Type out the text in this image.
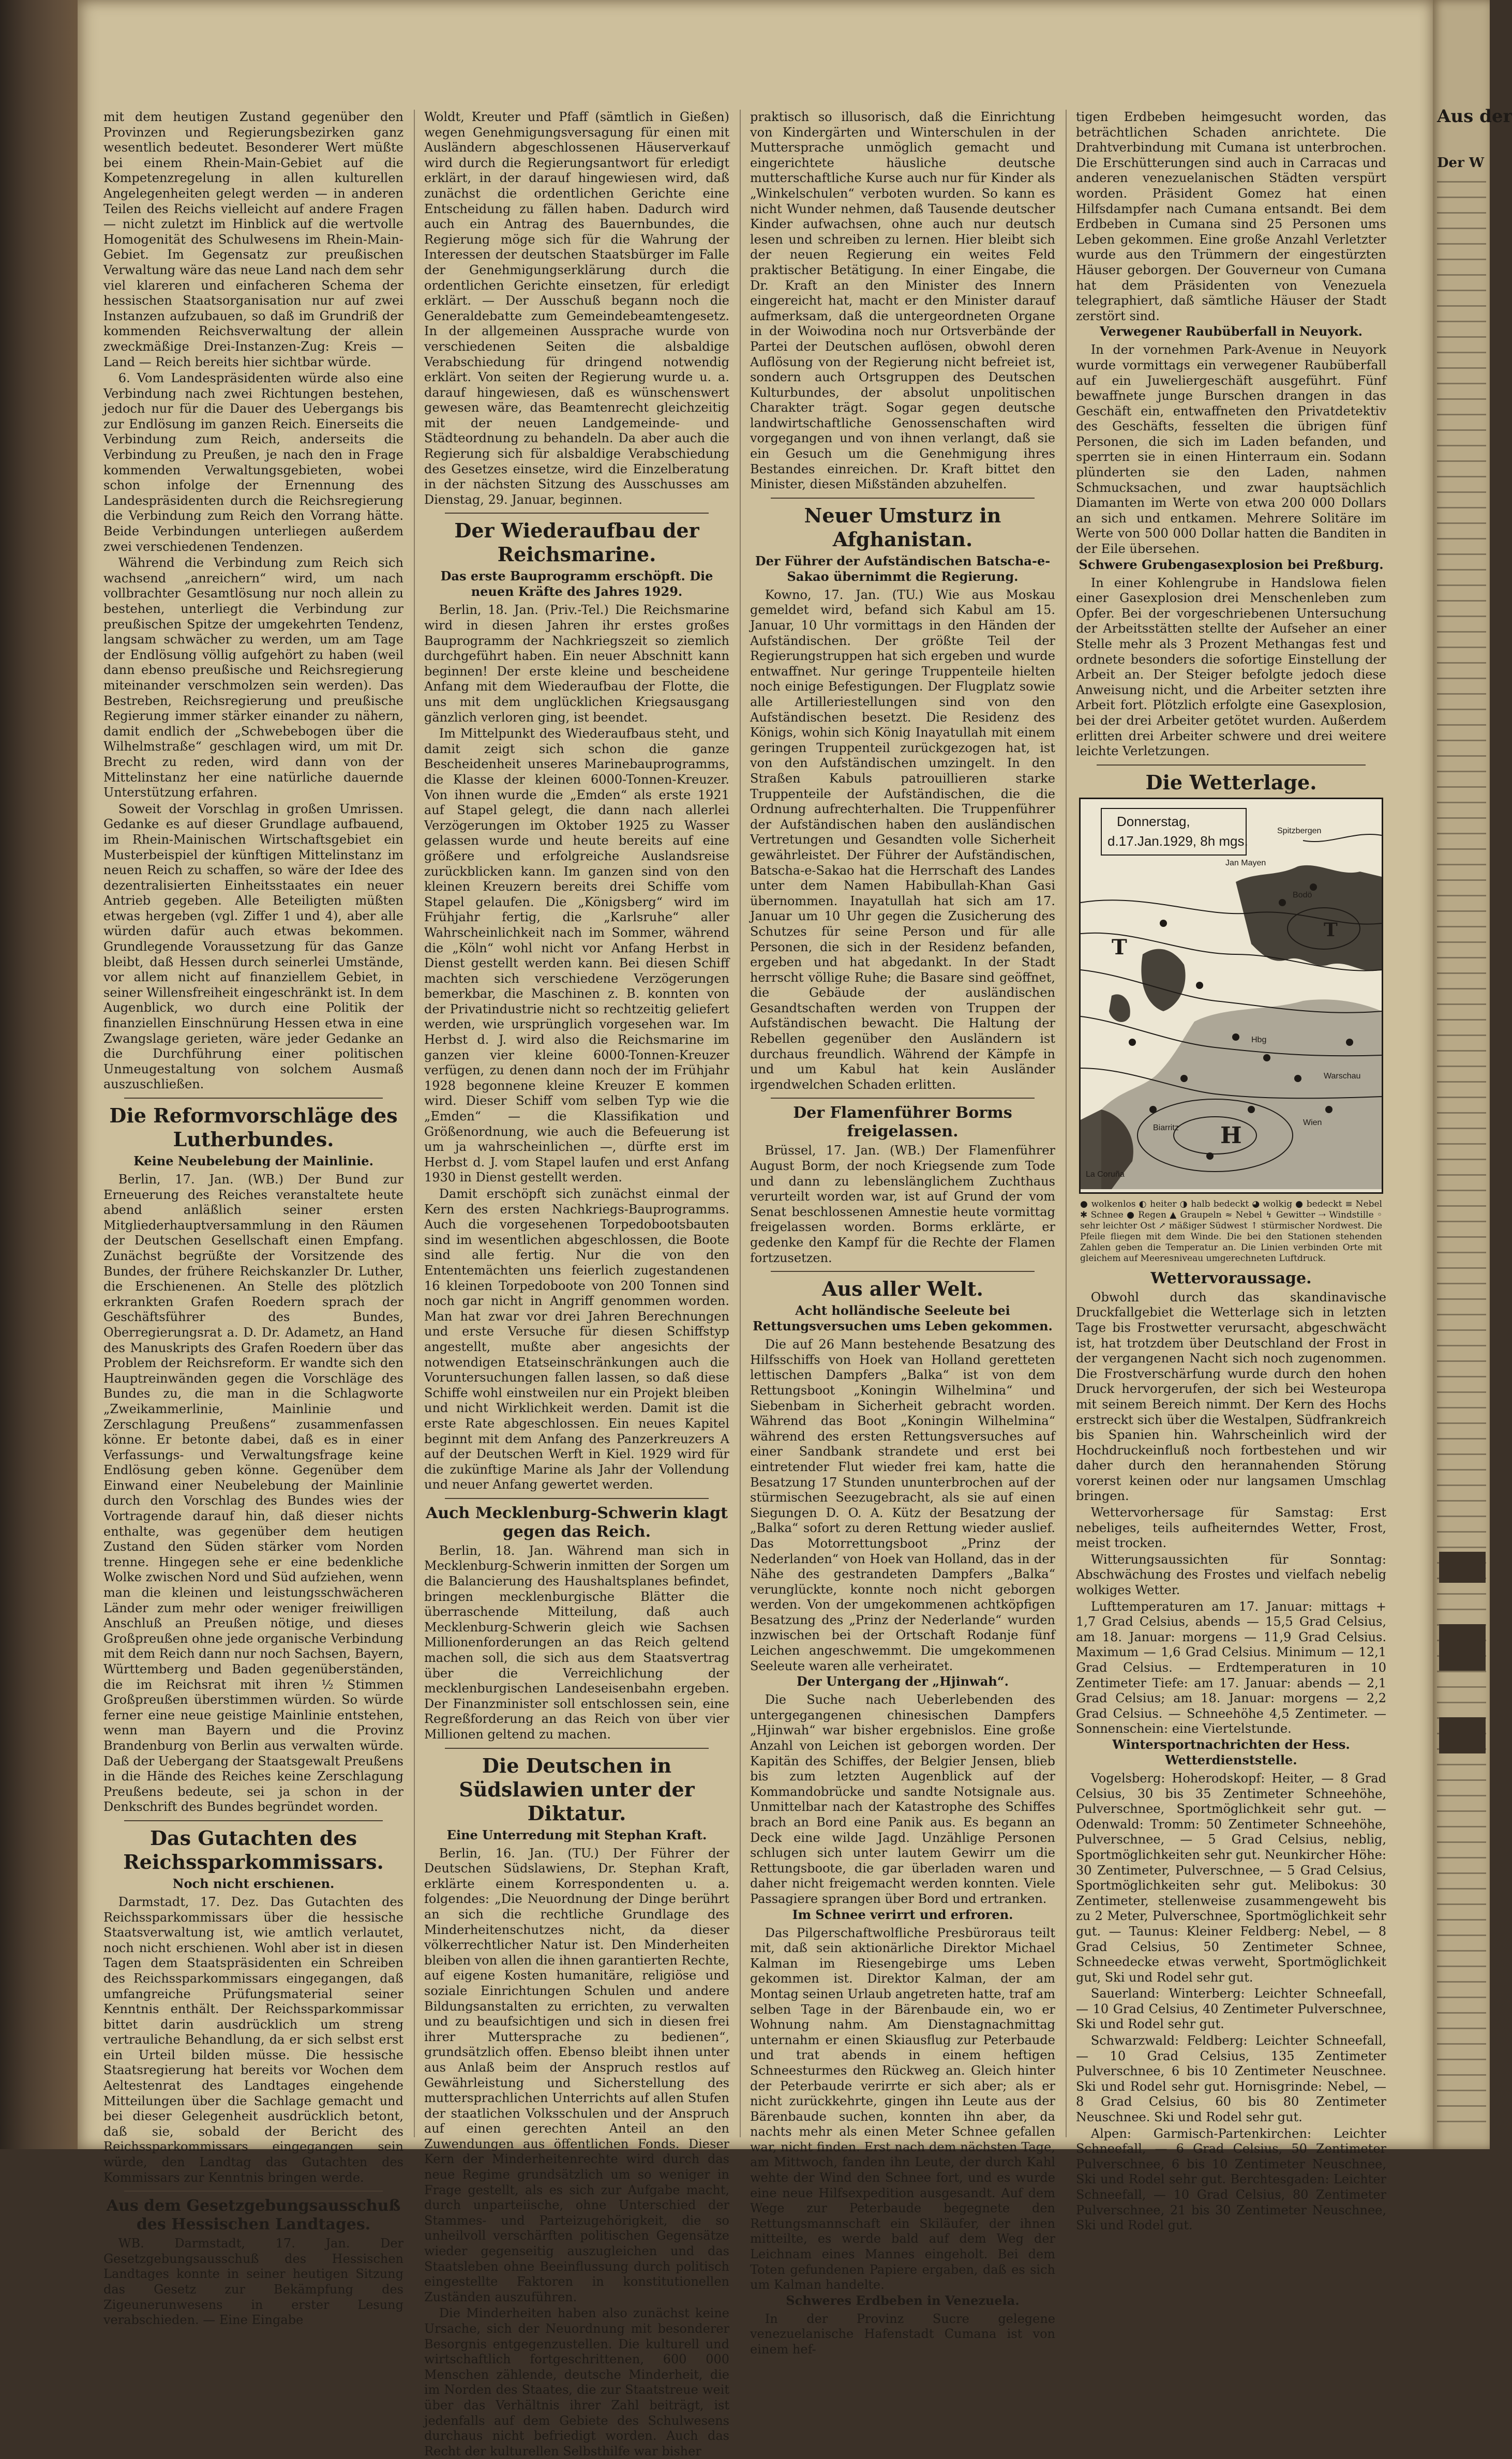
mit dem heutigen Zustand gegenüber den Provinzen und Regierungsbezirken ganz wesentlich bedeutet. Besonderer Wert müßte bei einem Rhein-Main-Gebiet auf die Kompetenzregelung in allen kulturellen Angelegenheiten gelegt werden — in anderen Teilen des Reichs vielleicht auf andere Fragen — nicht zuletzt im Hinblick auf die wertvolle Homogenität des Schulwesens im Rhein-Main-Gebiet. Im Gegensatz zur preußischen Verwaltung wäre das neue Land nach dem sehr viel klareren und einfacheren Schema der hessischen Staatsorganisation nur auf zwei Instanzen aufzubauen, so daß im Grundriß der kommenden Reichsverwaltung der allein zweckmäßige Drei-Instanzen-Zug: Kreis — Land — Reich bereits hier sichtbar würde.

6. Vom Landespräsidenten würde also eine Verbindung nach zwei Richtungen bestehen, jedoch nur für die Dauer des Uebergangs bis zur Endlösung im ganzen Reich. Einerseits die Verbindung zum Reich, anderseits die Verbindung zu Preußen, je nach den in Frage kommenden Verwaltungsgebieten, wobei schon infolge der Ernennung des Landespräsidenten durch die Reichsregierung die Verbindung zum Reich den Vorrang hätte. Beide Verbindungen unterliegen außerdem zwei verschiedenen Tendenzen.

Während die Verbindung zum Reich sich wachsend „anreichern“ wird, um nach vollbrachter Gesamtlösung nur noch allein zu bestehen, unterliegt die Verbindung zur preußischen Spitze der umgekehrten Tendenz, langsam schwächer zu werden, um am Tage der Endlösung völlig aufgehört zu haben (weil dann ebenso preußische und Reichsregierung miteinander verschmolzen sein werden). Das Bestreben, Reichsregierung und preußische Regierung immer stärker einander zu nähern, damit endlich der „Schwebebogen über die Wilhelmstraße“ geschlagen wird, um mit Dr. Brecht zu reden, wird dann von der Mittelinstanz her eine natürliche dauernde Unterstützung erfahren.

Soweit der Vorschlag in großen Umrissen. Gedanke es auf dieser Grundlage aufbauend, im Rhein-Mainischen Wirtschaftsgebiet ein Musterbeispiel der künftigen Mittelinstanz im neuen Reich zu schaffen, so wäre der Idee des dezentralisierten Einheitsstaates ein neuer Antrieb gegeben. Alle Beteiligten müßten etwas hergeben (vgl. Ziffer 1 und 4), aber alle würden dafür auch etwas bekommen. Grundlegende Voraussetzung für das Ganze bleibt, daß Hessen durch seinerlei Umstände, vor allem nicht auf finanziellem Gebiet, in seiner Willensfreiheit eingeschränkt ist. In dem Augenblick, wo durch eine Politik der finanziellen Einschnürung Hessen etwa in eine Zwangslage gerieten, wäre jeder Gedanke an die Durchführung einer politischen Unmeugestaltung von solchem Ausmaß auszuschließen.

Die Reformvorschläge des Lutherbundes.
Keine Neubelebung der Mainlinie.

Berlin, 17. Jan. (WB.) Der Bund zur Erneuerung des Reiches veranstaltete heute abend anläßlich seiner ersten Mitgliederhauptversammlung in den Räumen der Deutschen Gesellschaft einen Empfang. Zunächst begrüßte der Vorsitzende des Bundes, der frühere Reichskanzler Dr. Luther, die Erschienenen. An Stelle des plötzlich erkrankten Grafen Roedern sprach der Geschäftsführer des Bundes, Oberregierungsrat a. D. Dr. Adametz, an Hand des Manuskripts des Grafen Roedern über das Problem der Reichsreform. Er wandte sich den Hauptreinwänden gegen die Vorschläge des Bundes zu, die man in die Schlagworte „Zweikammerlinie, Mainlinie und Zerschlagung Preußens“ zusammenfassen könne. Er betonte dabei, daß es in einer Verfassungs- und Verwaltungsfrage keine Endlösung geben könne. Gegenüber dem Einwand einer Neubelebung der Mainlinie durch den Vorschlag des Bundes wies der Vortragende darauf hin, daß dieser nichts enthalte, was gegenüber dem heutigen Zustand den Süden stärker vom Norden trenne. Hingegen sehe er eine bedenkliche Wolke zwischen Nord und Süd aufziehen, wenn man die kleinen und leistungsschwächeren Länder zum mehr oder weniger freiwilligen Anschluß an Preußen nötige, und dieses Großpreußen ohne jede organische Verbindung mit dem Reich dann nur noch Sachsen, Bayern, Württemberg und Baden gegenüberständen, die im Reichsrat mit ihren ½ Stimmen Großpreußen überstimmen würden. So würde ferner eine neue geistige Mainlinie entstehen, wenn man Bayern und die Provinz Brandenburg von Berlin aus verwalten würde. Daß der Uebergang der Staatsgewalt Preußens in die Hände des Reiches keine Zerschlagung Preußens bedeute, sei ja schon in der Denkschrift des Bundes begründet worden.

Das Gutachten des Reichssparkommissars.
Noch nicht erschienen.

Darmstadt, 17. Dez. Das Gutachten des Reichssparkommissars über die hessische Staatsverwaltung ist, wie amtlich verlautet, noch nicht erschienen. Wohl aber ist in diesen Tagen dem Staatspräsidenten ein Schreiben des Reichssparkommissars eingegangen, daß umfangreiche Prüfungsmaterial seiner Kenntnis enthält. Der Reichssparkommissar bittet darin ausdrücklich um streng vertrauliche Behandlung, da er sich selbst erst ein Urteil bilden müsse. Die hessische Staatsregierung hat bereits vor Wochen dem Aeltestenrat des Landtages eingehende Mitteilungen über die Sachlage gemacht und bei dieser Gelegenheit ausdrücklich betont, daß sie, sobald der Bericht des Reichssparkommissars eingegangen sein würde, den Landtag das Gutachten des Kommissars zur Kenntnis bringen werde.

Aus dem Gesetzgebungsausschuß des Hessischen Landtages.

WB. Darmstadt, 17. Jan. Der Gesetzgebungsausschuß des Hessischen Landtages konnte in seiner heutigen Sitzung das Gesetz zur Bekämpfung des Zigeunerunwesens in erster Lesung verabschieden. — Eine Eingabe

Woldt, Kreuter und Pfaff (sämtlich in Gießen) wegen Genehmigungsversagung für einen mit Ausländern abgeschlossenen Häuserverkauf wird durch die Regierungsantwort für erledigt erklärt, in der darauf hingewiesen wird, daß zunächst die ordentlichen Gerichte eine Entscheidung zu fällen haben. Dadurch wird auch ein Antrag des Bauernbundes, die Regierung möge sich für die Wahrung der Interessen der deutschen Staatsbürger im Falle der Genehmigungserklärung durch die ordentlichen Gerichte einsetzen, für erledigt erklärt. — Der Ausschuß begann noch die Generaldebatte zum Gemeindebeamtengesetz. In der allgemeinen Aussprache wurde von verschiedenen Seiten die alsbaldige Verabschiedung für dringend notwendig erklärt. Von seiten der Regierung wurde u. a. darauf hingewiesen, daß es wünschenswert gewesen wäre, das Beamtenrecht gleichzeitig mit der neuen Landgemeinde- und Städteordnung zu behandeln. Da aber auch die Regierung sich für alsbaldige Verabschiedung des Gesetzes einsetze, wird die Einzelberatung in der nächsten Sitzung des Ausschusses am Dienstag, 29. Januar, beginnen.

Der Wiederaufbau der Reichsmarine.
Das erste Bauprogramm erschöpft. Die neuen Kräfte des Jahres 1929.

Berlin, 18. Jan. (Priv.-Tel.) Die Reichsmarine wird in diesen Jahren ihr erstes großes Bauprogramm der Nachkriegszeit so ziemlich durchgeführt haben. Ein neuer Abschnitt kann beginnen! Der erste kleine und bescheidene Anfang mit dem Wiederaufbau der Flotte, die uns mit dem unglücklichen Kriegsausgang gänzlich verloren ging, ist beendet.

Im Mittelpunkt des Wiederaufbaus steht, und damit zeigt sich schon die ganze Bescheidenheit unseres Marinebauprogramms, die Klasse der kleinen 6000-Tonnen-Kreuzer. Von ihnen wurde die „Emden“ als erste 1921 auf Stapel gelegt, die dann nach allerlei Verzögerungen im Oktober 1925 zu Wasser gelassen wurde und heute bereits auf eine größere und erfolgreiche Auslandsreise zurückblicken kann. Im ganzen sind von den kleinen Kreuzern bereits drei Schiffe vom Stapel gelaufen. Die „Königsberg“ wird im Frühjahr fertig, die „Karlsruhe“ aller Wahrscheinlichkeit nach im Sommer, während die „Köln“ wohl nicht vor Anfang Herbst in Dienst gestellt werden kann. Bei diesen Schiff machten sich verschiedene Verzögerungen bemerkbar, die Maschinen z. B. konnten von der Privatindustrie nicht so rechtzeitig geliefert werden, wie ursprünglich vorgesehen war. Im Herbst d. J. wird also die Reichsmarine im ganzen vier kleine 6000-Tonnen-Kreuzer verfügen, zu denen dann noch der im Frühjahr 1928 begonnene kleine Kreuzer E kommen wird. Dieser Schiff vom selben Typ wie die „Emden“ — die Klassifikation und Größenordnung, wie auch die Befeuerung ist um ja wahrscheinlichen —, dürfte erst im Herbst d. J. vom Stapel laufen und erst Anfang 1930 in Dienst gestellt werden.

Damit erschöpft sich zunächst einmal der Kern des ersten Nachkriegs-Bauprogramms. Auch die vorgesehenen Torpedobootsbauten sind im wesentlichen abgeschlossen, die Boote sind alle fertig. Nur die von den Ententemächten uns feierlich zugestandenen 16 kleinen Torpedoboote von 200 Tonnen sind noch gar nicht in Angriff genommen worden. Man hat zwar vor drei Jahren Berechnungen und erste Versuche für diesen Schiffstyp angestellt, mußte aber angesichts der notwendigen Etatseinschränkungen auch die Voruntersuchungen fallen lassen, so daß diese Schiffe wohl einstweilen nur ein Projekt bleiben und nicht Wirklichkeit werden. Damit ist die erste Rate abgeschlossen. Ein neues Kapitel beginnt mit dem Anfang des Panzerkreuzers A auf der Deutschen Werft in Kiel. 1929 wird für die zukünftige Marine als Jahr der Vollendung und neuer Anfang gewertet werden.

Auch Mecklenburg-Schwerin klagt gegen das Reich.

Berlin, 18. Jan. Während man sich in Mecklenburg-Schwerin inmitten der Sorgen um die Balancierung des Haushaltsplanes befindet, bringen mecklenburgische Blätter die überraschende Mitteilung, daß auch Mecklenburg-Schwerin gleich wie Sachsen Millionenforderungen an das Reich geltend machen soll, die sich aus dem Staatsvertrag über die Verreichlichung der mecklenburgischen Landeseisenbahn ergeben. Der Finanzminister soll entschlossen sein, eine Regreßforderung an das Reich von über vier Millionen geltend zu machen.

Die Deutschen in Südslawien unter der Diktatur.
Eine Unterredung mit Stephan Kraft.

Berlin, 16. Jan. (TU.) Der Führer der Deutschen Südslawiens, Dr. Stephan Kraft, erklärte einem Korrespondenten u. a. folgendes: „Die Neuordnung der Dinge berührt an sich die rechtliche Grundlage des Minderheitenschutzes nicht, da dieser völkerrechtlicher Natur ist. Den Minderheiten bleiben von allen die ihnen garantierten Rechte, auf eigene Kosten humanitäre, religiöse und soziale Einrichtungen Schulen und andere Bildungsanstalten zu errichten, zu verwalten und zu beaufsichtigen und sich in diesen frei ihrer Muttersprache zu bedienen“, grundsätzlich offen. Ebenso bleibt ihnen unter aus Anlaß beim der Anspruch restlos auf Gewährleistung und Sicherstellung des muttersprachlichen Unterrichts auf allen Stufen der staatlichen Volksschulen und der Anspruch auf einen gerechten Anteil an den Zuwendungen aus öffentlichen Fonds. Dieser Kern der Minderheitenrechte wird durch das neue Regime grundsätzlich um so weniger in Frage gestellt, als es sich zur Aufgabe macht, durch unparteiische, ohne Unterschied der Stammes- und Parteizugehörigkeit, die so unheilvoll verschärften politischen Gegensätze wieder gegenseitig auszugleichen und das Staatsleben ohne Beeinflussung durch politisch eingestellte Faktoren in konstitutionellen Zuständen auszuführen.

Die Minderheiten haben also zunächst keine Ursache, sich der Neuordnung mit besonderer Besorgnis entgegenzustellen. Die kulturell und wirtschaftlich fortgeschrittenen, 600 000 Menschen zählende, deutsche Minderheit, die im Norden des Staates, die zur Staatstreue weit über das Verhältnis ihrer Zahl beiträgt, ist jedenfalls auf dem Gebiete des Schulwesens durchaus nicht befriedigt worden. Auch das Recht der kulturellen Selbsthilfe war bisher

praktisch so illusorisch, daß die Einrichtung von Kindergärten und Winterschulen in der Muttersprache unmöglich gemacht und eingerichtete häusliche deutsche mutterschaftliche Kurse auch nur für Kinder als „Winkelschulen“ verboten wurden. So kann es nicht Wunder nehmen, daß Tausende deutscher Kinder aufwachsen, ohne auch nur deutsch lesen und schreiben zu lernen. Hier bleibt sich der neuen Regierung ein weites Feld praktischer Betätigung. In einer Eingabe, die Dr. Kraft an den Minister des Innern eingereicht hat, macht er den Minister darauf aufmerksam, daß die untergeordneten Organe in der Woiwodina noch nur Ortsverbände der Partei der Deutschen auflösen, obwohl deren Auflösung von der Regierung nicht befreiet ist, sondern auch Ortsgruppen des Deutschen Kulturbundes, der absolut unpolitischen Charakter trägt. Sogar gegen deutsche landwirtschaftliche Genossenschaften wird vorgegangen und von ihnen verlangt, daß sie ein Gesuch um die Genehmigung ihres Bestandes einreichen. Dr. Kraft bittet den Minister, diesen Mißständen abzuhelfen.

Neuer Umsturz in Afghanistan.
Der Führer der Aufständischen Batscha-e-Sakao übernimmt die Regierung.

Kowno, 17. Jan. (TU.) Wie aus Moskau gemeldet wird, befand sich Kabul am 15. Januar, 10 Uhr vormittags in den Händen der Aufständischen. Der größte Teil der Regierungstruppen hat sich ergeben und wurde entwaffnet. Nur geringe Truppenteile hielten noch einige Befestigungen. Der Flugplatz sowie alle Artilleriestellungen sind von den Aufständischen besetzt. Die Residenz des Königs, wohin sich König Inayatullah mit einem geringen Truppenteil zurückgezogen hat, ist von den Aufständischen umzingelt. In den Straßen Kabuls patrouillieren starke Truppenteile der Aufständischen, die die Ordnung aufrechterhalten. Die Truppenführer der Aufständischen haben den ausländischen Vertretungen und Gesandten volle Sicherheit gewährleistet. Der Führer der Aufständischen, Batscha-e-Sakao hat die Herrschaft des Landes unter dem Namen Habibullah-Khan Gasi übernommen. Inayatullah hat sich am 17. Januar um 10 Uhr gegen die Zusicherung des Schutzes für seine Person und für alle Personen, die sich in der Residenz befanden, ergeben und hat abgedankt. In der Stadt herrscht völlige Ruhe; die Basare sind geöffnet, die Gebäude der ausländischen Gesandtschaften werden von Truppen der Aufständischen bewacht. Die Haltung der Rebellen gegenüber den Ausländern ist durchaus freundlich. Während der Kämpfe in und um Kabul hat kein Ausländer irgendwelchen Schaden erlitten.

Der Flamenführer Borms freigelassen.

Brüssel, 17. Jan. (WB.) Der Flamenführer August Borm, der noch Kriegsende zum Tode und dann zu lebenslänglichem Zuchthaus verurteilt worden war, ist auf Grund der vom Senat beschlossenen Amnestie heute vormittag freigelassen worden. Borms erklärte, er gedenke den Kampf für die Rechte der Flamen fortzusetzen.

Aus aller Welt.
Acht holländische Seeleute bei Rettungsversuchen ums Leben gekommen.

Die auf 26 Mann bestehende Besatzung des Hilfsschiffs von Hoek van Holland geretteten lettischen Dampfers „Balka“ ist von dem Rettungsboot „Koningin Wilhelmina“ und Siebenbam in Sicherheit gebracht worden. Während das Boot „Koningin Wilhelmina“ während des ersten Rettungsversuches auf einer Sandbank strandete und erst bei eintretender Flut wieder frei kam, hatte die Besatzung 17 Stunden ununterbrochen auf der stürmischen Seezugebracht, als sie auf einen Siegungen D. O. A. Kütz der Besatzung der „Balka“ sofort zu deren Rettung wieder auslief. Das Motorrettungsboot „Prinz der Nederlanden“ von Hoek van Holland, das in der Nähe des gestrandeten Dampfers „Balka“ verunglückte, konnte noch nicht geborgen werden. Von der umgekommenen achtköpfigen Besatzung des „Prinz der Nederlande“ wurden inzwischen bei der Ortschaft Rodanje fünf Leichen angeschwemmt. Die umgekommenen Seeleute waren alle verheiratet.

Der Untergang der „Hjinwah“.

Die Suche nach Ueberlebenden des untergegangenen chinesischen Dampfers „Hjinwah“ war bisher ergebnislos. Eine große Anzahl von Leichen ist geborgen worden. Der Kapitän des Schiffes, der Belgier Jensen, blieb bis zum letzten Augenblick auf der Kommandobrücke und sandte Notsignale aus. Unmittelbar nach der Katastrophe des Schiffes brach an Bord eine Panik aus. Es begann an Deck eine wilde Jagd. Unzählige Personen schlugen sich unter lautem Gewirr um die Rettungsboote, die gar überladen waren und daher nicht freigemacht werden konnten. Viele Passagiere sprangen über Bord und ertranken.

Im Schnee verirrt und erfroren.

Das Pilgerschaftwolfliche Presbüroraus teilt mit, daß sein aktionärliche Direktor Michael Kalman im Riesengebirge ums Leben gekommen ist. Direktor Kalman, der am Montag seinen Urlaub angetreten hatte, traf am selben Tage in der Bärenbaude ein, wo er Wohnung nahm. Am Dienstagnachmittag unternahm er einen Skiausflug zur Peterbaude und trat abends in einem heftigen Schneesturmes den Rückweg an. Gleich hinter der Peterbaude verirrte er sich aber; als er nicht zurückkehrte, gingen ihn Leute aus der Bärenbaude suchen, konnten ihn aber, da nachts mehr als einen Meter Schnee gefallen war, nicht finden. Erst nach dem nächsten Tage, am Mittwoch, fanden ihn Leute, der durch Kahl wehte der Wind den Schnee fort, und es wurde eine neue Hilfsexpedition ausgesandt. Auf dem Wege zur Peterbaude begegnete den Rettungsmannschaft ein Skiläufer, der ihnen mitteilte, es werde bald auf dem Weg der Leichnam eines Mannes eingeholt. Bei dem Toten gefundenen Papiere ergaben, daß es sich um Kalman handelte.

Schweres Erdbeben in Venezuela.

In der Provinz Sucre gelegene venezuelanische Hafenstadt Cumana ist von einem hef-

tigen Erdbeben heimgesucht worden, das beträchtlichen Schaden anrichtete. Die Drahtverbindung mit Cumana ist unterbrochen. Die Erschütterungen sind auch in Carracas und anderen venezuelanischen Städten verspürt worden. Präsident Gomez hat einen Hilfsdampfer nach Cumana entsandt. Bei dem Erdbeben in Cumana sind 25 Personen ums Leben gekommen. Eine große Anzahl Verletzter wurde aus den Trümmern der eingestürzten Häuser geborgen. Der Gouverneur von Cumana hat dem Präsidenten von Venezuela telegraphiert, daß sämtliche Häuser der Stadt zerstört sind.

Verwegener Raubüberfall in Neuyork.

In der vornehmen Park-Avenue in Neuyork wurde vormittags ein verwegener Raubüberfall auf ein Juweliergeschäft ausgeführt. Fünf bewaffnete junge Burschen drangen in das Geschäft ein, entwaffneten den Privatdetektiv des Geschäfts, fesselten die übrigen fünf Personen, die sich im Laden befanden, und sperrten sie in einen Hinterraum ein. Sodann plünderten sie den Laden, nahmen Schmucksachen, und zwar hauptsächlich Diamanten im Werte von etwa 200 000 Dollars an sich und entkamen. Mehrere Solitäre im Werte von 500 000 Dollar hatten die Banditen in der Eile übersehen.

Schwere Grubengasexplosion bei Preßburg.

In einer Kohlengrube in Handslowa fielen einer Gasexplosion drei Menschenleben zum Opfer. Bei der vorgeschriebenen Untersuchung der Arbeitsstätten stellte der Aufseher an einer Stelle mehr als 3 Prozent Methangas fest und ordnete besonders die sofortige Einstellung der Arbeit an. Der Steiger befolgte jedoch diese Anweisung nicht, und die Arbeiter setzten ihre Arbeit fort. Plötzlich erfolgte eine Gasexplosion, bei der drei Arbeiter getötet wurden. Außerdem erlitten drei Arbeiter schwere und drei weitere leichte Verletzungen.

Die Wetterlage.
Donnerstag,
d.17.Jan.1929, 8h mgs.
Spitzbergen
Jan Mayen
Bodö
Hbg
Warschau
Wien
Biarritz
La Coruña
H
T
T
● wolkenlos ◐ heiter ◑ halb bedeckt ◕ wolkig ● bedeckt ≡ Nebel ✱ Schnee ● Regen ▲ Graupeln ≈ Nebel ↯ Gewitter ⇢ Windstille ◦ sehr leichter Ost ↗ mäßiger Südwest ↑ stürmischer Nordwest. Die Pfeile fliegen mit dem Winde. Die bei den Stationen stehenden Zahlen geben die Temperatur an. Die Linien verbinden Orte mit gleichem auf Meeresniveau umgerechneten Luftdruck.
Wettervoraussage.

Obwohl durch das skandinavische Druckfallgebiet die Wetterlage sich in letzten Tage bis Frostwetter verursacht, abgeschwächt ist, hat trotzdem über Deutschland der Frost in der vergangenen Nacht sich noch zugenommen. Die Frostverschärfung wurde durch den hohen Druck hervorgerufen, der sich bei Westeuropa mit seinem Bereich nimmt. Der Kern des Hochs erstreckt sich über die Westalpen, Südfrankreich bis Spanien hin. Wahrscheinlich wird der Hochdruckeinfluß noch fortbestehen und wir daher durch den herannahenden Störung vorerst keinen oder nur langsamen Umschlag bringen.

Wettervorhersage für Samstag: Erst nebeliges, teils aufheiterndes Wetter, Frost, meist trocken.

Witterungsaussichten für Sonntag: Abschwächung des Frostes und vielfach nebelig wolkiges Wetter.

Lufttemperaturen am 17. Januar: mittags + 1,7 Grad Celsius, abends — 15,5 Grad Celsius, am 18. Januar: morgens — 11,9 Grad Celsius. Maximum — 1,6 Grad Celsius. Minimum — 12,1 Grad Celsius. — Erdtemperaturen in 10 Zentimeter Tiefe: am 17. Januar: abends — 2,1 Grad Celsius; am 18. Januar: morgens — 2,2 Grad Celsius. — Schneehöhe 4,5 Zentimeter. — Sonnenschein: eine Viertelstunde.

Wintersportnachrichten der Hess. Wetterdienststelle.

Vogelsberg: Hoherodskopf: Heiter, — 8 Grad Celsius, 30 bis 35 Zentimeter Schneehöhe, Pulverschnee, Sportmöglichkeit sehr gut. — Odenwald: Tromm: 50 Zentimeter Schneehöhe, Pulverschnee, — 5 Grad Celsius, neblig, Sportmöglichkeiten sehr gut. Neunkircher Höhe: 30 Zentimeter, Pulverschnee, — 5 Grad Celsius, Sportmöglichkeiten sehr gut. Melibokus: 30 Zentimeter, stellenweise zusammengeweht bis zu 2 Meter, Pulverschnee, Sportmöglichkeit sehr gut. — Taunus: Kleiner Feldberg: Nebel, — 8 Grad Celsius, 50 Zentimeter Schnee, Schneedecke etwas verweht, Sportmöglichkeit gut, Ski und Rodel sehr gut.

Sauerland: Winterberg: Leichter Schneefall, — 10 Grad Celsius, 40 Zentimeter Pulverschnee, Ski und Rodel sehr gut.

Schwarzwald: Feldberg: Leichter Schneefall, — 10 Grad Celsius, 135 Zentimeter Pulverschnee, 6 bis 10 Zentimeter Neuschnee. Ski und Rodel sehr gut. Hornisgrinde: Nebel, — 8 Grad Celsius, 60 bis 80 Zentimeter Neuschnee. Ski und Rodel sehr gut.

Alpen: Garmisch-Partenkirchen: Leichter Schneefall, — 6 Grad Celsius, 50 Zentimeter Pulverschnee, 6 bis 10 Zentimeter Neuschnee, Ski und Rodel sehr gut. Berchtesgaden: Leichter Schneefall, — 10 Grad Celsius, 80 Zentimeter Pulverschnee, 21 bis 30 Zentimeter Neuschnee, Ski und Rodel gut.

Aus der
Der W
